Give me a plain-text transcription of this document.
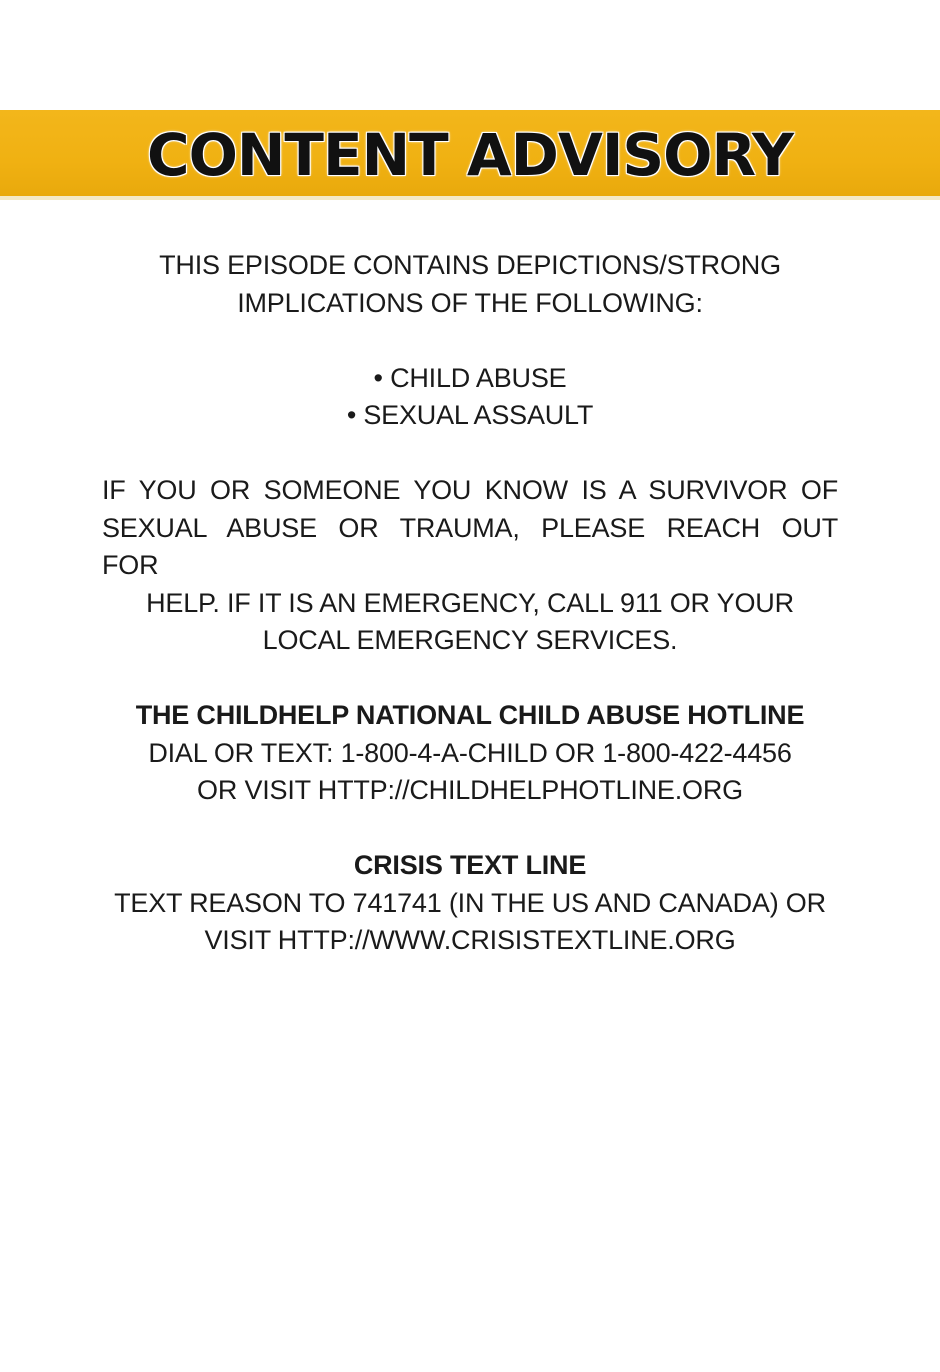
CONTENT ADVISORY
THIS EPISODE CONTAINS DEPICTIONS/STRONG
IMPLICATIONS OF THE FOLLOWING:
• CHILD ABUSE
• SEXUAL ASSAULT
IF YOU OR SOMEONE YOU KNOW IS A SURVIVOR OF
SEXUAL ABUSE OR TRAUMA, PLEASE REACH OUT FOR
HELP. IF IT IS AN EMERGENCY, CALL 911 OR YOUR
LOCAL EMERGENCY SERVICES.
THE CHILDHELP NATIONAL CHILD ABUSE HOTLINE
DIAL OR TEXT: 1-800-4-A-CHILD OR 1-800-422-4456
OR VISIT HTTP://CHILDHELPHOTLINE.ORG
CRISIS TEXT LINE
TEXT REASON TO 741741 (IN THE US AND CANADA) OR
VISIT HTTP://WWW.CRISISTEXTLINE.ORG
